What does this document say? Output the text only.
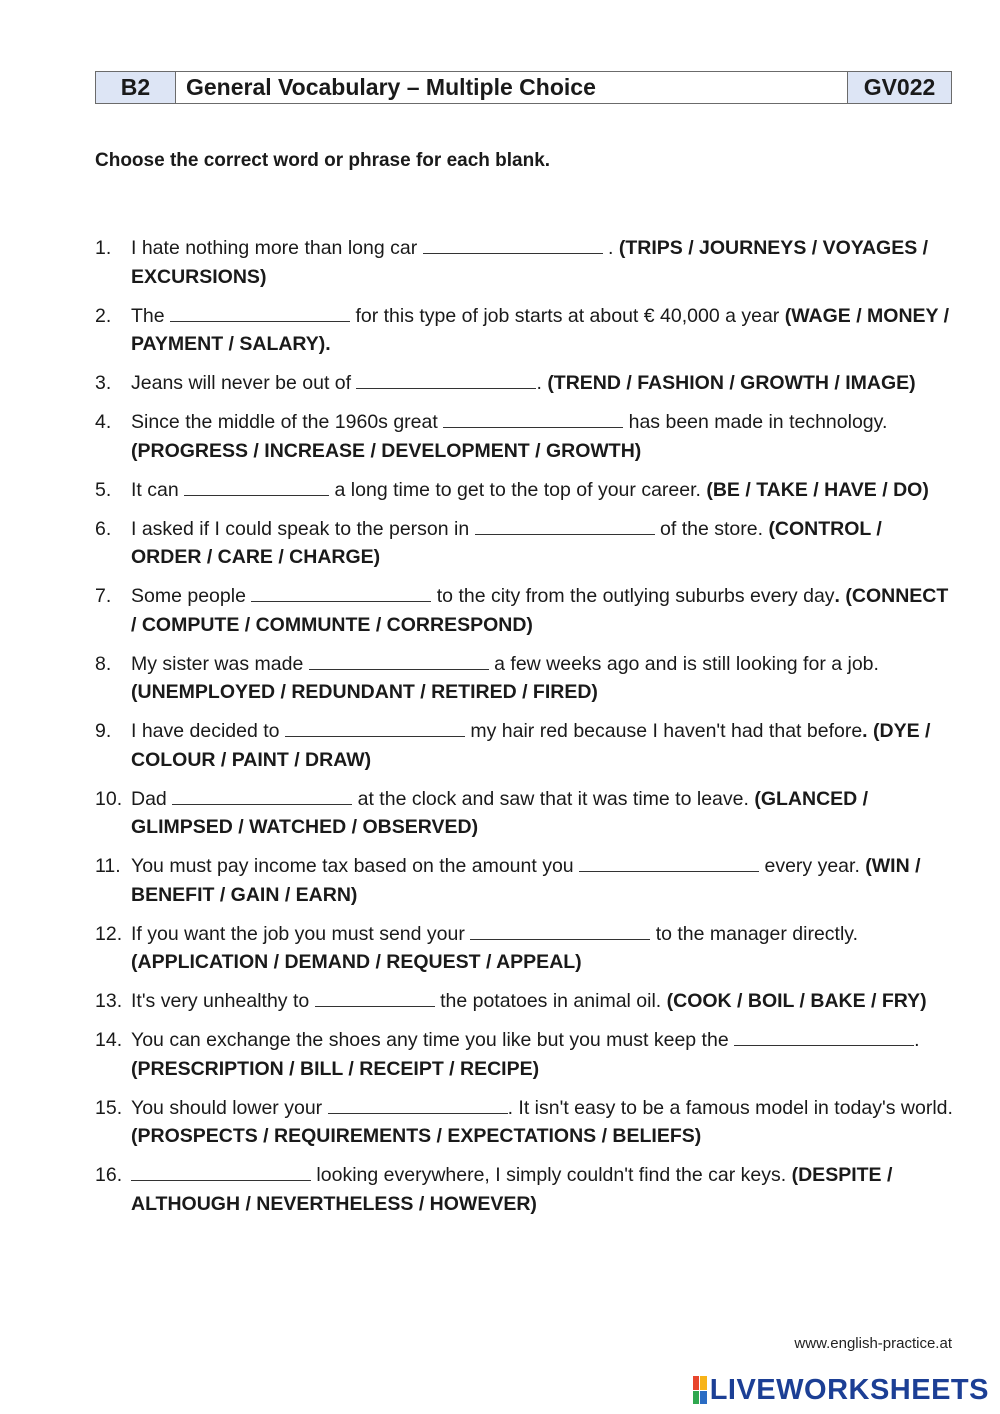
B2	General Vocabulary – Multiple Choice	GV022
Choose the correct word or phrase for each blank.
1.	I hate nothing more than long car	. (TRIPS / JOURNEYS / VOYAGES / EXCURSIONS)
2.	The	for this type of job starts at about € 40,000 a year (WAGE / MONEY / PAYMENT / SALARY).
3.	Jeans will never be out of	. (TREND / FASHION / GROWTH / IMAGE)
4.	Since the middle of the 1960s great	has been made in technology. (PROGRESS / INCREASE / DEVELOPMENT / GROWTH)
5.	It can	a long time to get to the top of your career. (BE / TAKE / HAVE / DO)
6.	I asked if I could speak to the person in	of the store. (CONTROL / ORDER / CARE / CHARGE)
7.	Some people	to the city from the outlying suburbs every day. (CONNECT / COMPUTE / COMMUNTE / CORRESPOND)
8.	My sister was made	a few weeks ago and is still looking for a job. (UNEMPLOYED / REDUNDANT / RETIRED / FIRED)
9.	I have decided to	my hair red because I haven't had that before. (DYE / COLOUR / PAINT / DRAW)
10. Dad	at the clock and saw that it was time to leave. (GLANCED / GLIMPSED / WATCHED / OBSERVED)
11. You must pay income tax based on the amount you	every year. (WIN / BENEFIT / GAIN / EARN)
12. If you want the job you must send your	to the manager directly. (APPLICATION / DEMAND / REQUEST / APPEAL)
13. It's very unhealthy to	the potatoes in animal oil. (COOK / BOIL / BAKE / FRY)
14. You can exchange the shoes any time you like but you must keep the	. (PRESCRIPTION / BILL / RECEIPT / RECIPE)
15. You should lower your	. It isn't easy to be a famous model in today's world. (PROSPECTS / REQUIREMENTS / EXPECTATIONS / BELIEFS)
16.	looking everywhere, I simply couldn't find the car keys. (DESPITE / ALTHOUGH / NEVERTHELESS / HOWEVER)
www.english-practice.at
LIVEWORKSHEETS
